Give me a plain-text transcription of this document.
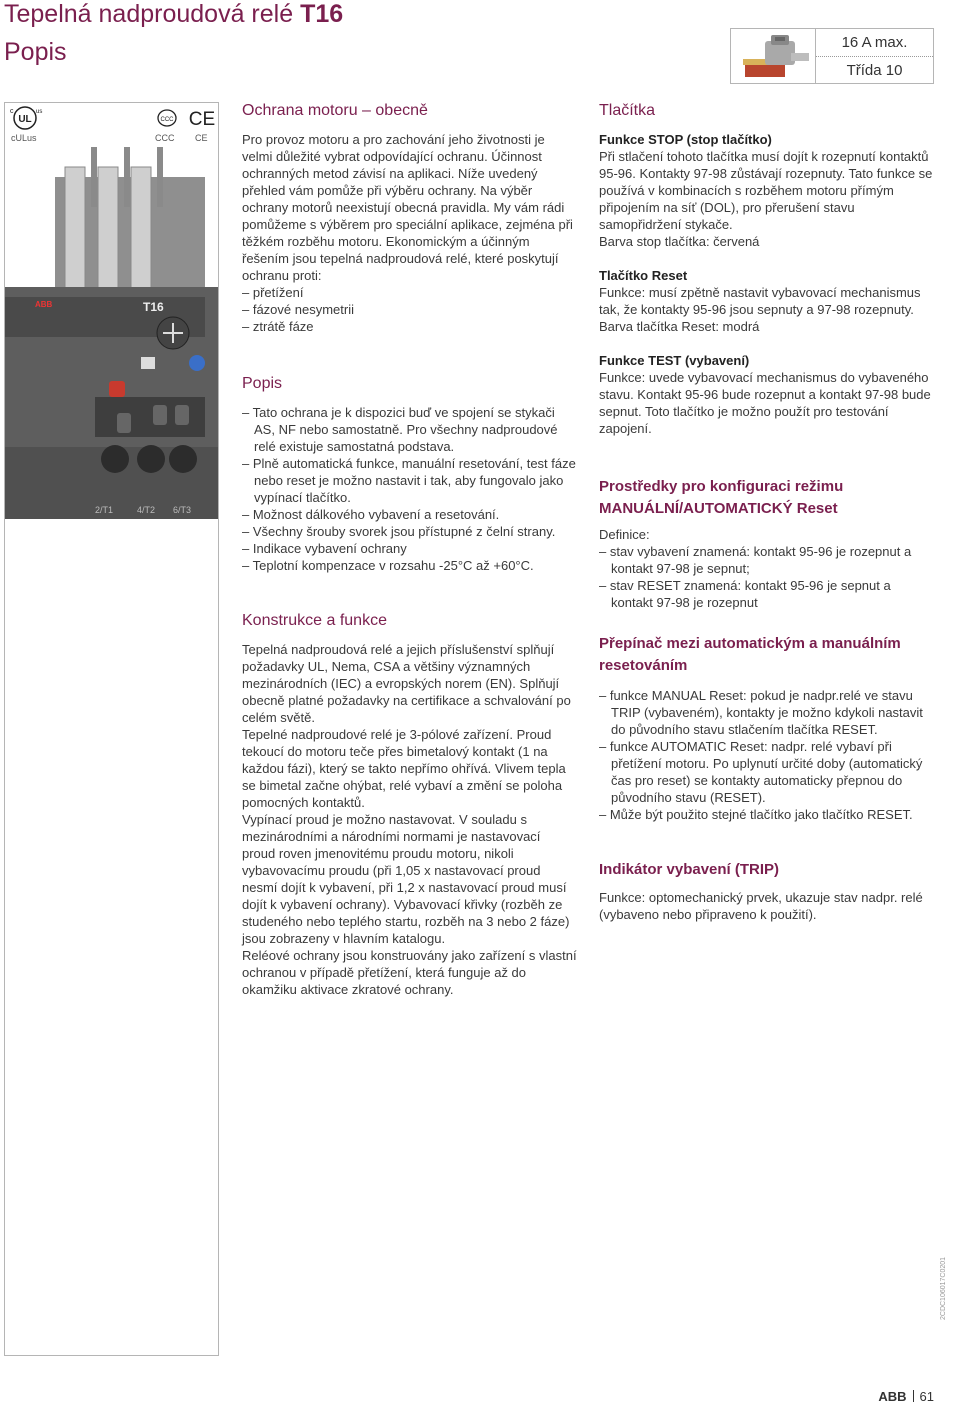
Tepelná nadproudová relé T16
Popis	16 A max.
Třída 10
UL
c	us
CCC CE
cULus	CCC CE
ABB	T16
2/T1	4/T2 6/T3
Ochrana motoru – obecně

Pro provoz motoru a pro zachování jeho životnosti je velmi důležité vybrat odpovídající ochranu. Účinnost ochranných metod závisí na aplikaci. Níže uvedený přehled vám pomůže při výběru ochrany. Na výběr ochrany motorů neexistují obecná pravidla. My vám rádi pomůžeme s výběrem pro speciální aplikace, zejména při těžkém rozběhu motoru. Ekonomickým a účinným řešením jsou tepelná nadproudová relé, které poskytují ochranu proti:

– přetížení
– fázové nesymetrii
– ztrátě fáze
Popis
– Tato ochrana je k dispozici buď ve spojení se stykači AS, NF nebo samostatně. Pro všechny nadproudové relé existuje samostatná podstava.
– Plně automatická funkce, manuální resetování, test fáze nebo reset je možno nastavit i tak, aby fungovalo jako vypínací tlačítko.
– Možnost dálkového vybavení a resetování.
– Všechny šrouby svorek jsou přístupné z čelní strany.
– Indikace vybavení ochrany
– Teplotní kompenzace v rozsahu -25°C až +60°C.
Konstrukce a funkce

Tepelná nadproudová relé a jejich příslušenství splňují požadavky UL, Nema, CSA a většiny významných mezinárodních (IEC) a evropských norem (EN). Splňují obecně platné požadavky na certifikace a schvalování po celém světě.

Tepelné nadproudové relé je 3-pólové zařízení. Proud tekoucí do motoru teče přes bimetalový kontakt (1 na každou fázi), který se takto nepřímo ohřívá. Vlivem tepla se bimetal začne ohýbat, relé vybaví a změní se poloha pomocných kontaktů.

Vypínací proud je možno nastavovat. V souladu s mezinárodními a národními normami je nastavovací proud roven jmenovitému proudu motoru, nikoli vybavovacímu proudu (při 1,05 x nastavovací proud nesmí dojít k vybavení, při 1,2 x nastavovací proud musí dojít k vybavení ochrany). Vybavovací křivky (rozběh ze studeného nebo teplého startu, rozběh na 3 nebo 2 fáze) jsou zobrazeny v hlavním katalogu.

Reléové ochrany jsou konstruovány jako zařízení s vlastní ochranou v případě přetížení, která funguje až do okamžiku aktivace zkratové ochrany.

Tlačítka

Funkce STOP (stop tlačítko)

Při stlačení tohoto tlačítka musí dojít k rozepnutí kontaktů 95-96. Kontakty 97-98 zůstávají rozepnuty. Tato funkce se používá v kombinacích s rozběhem motoru přímým připojením na síť (DOL), pro přerušení stavu samopřidržení stykače.

Barva stop tlačítka: červená

Tlačítko Reset

Funkce: musí zpětně nastavit vybavovací mechanismus tak, že kontakty 95-96 jsou sepnuty a 97-98 rozepnuty.

Barva tlačítka Reset: modrá

Funkce TEST (vybavení)

Funkce: uvede vybavovací mechanismus do vybaveného stavu. Kontakt 95-96 bude rozepnut a kontakt 97-98 bude sepnut. Toto tlačítko je možno použít pro testování zapojení.

Prostředky pro konfiguraci režimu

MANUÁLNÍ/AUTOMATICKÝ Reset

Definice:

– stav vybavení znamená: kontakt 95-96 je rozepnut a kontakt 97-98 je sepnut;
– stav RESET znamená: kontakt 95-96 je sepnut a kontakt 97-98 je rozepnut

Přepínač mezi automatickým a manuálním resetováním

– funkce MANUAL Reset: pokud je nadpr.relé ve stavu TRIP (vybaveném), kontakty je možno kdykoli nastavit do původního stavu stlačením tlačítka RESET.
– funkce AUTOMATIC Reset: nadpr. relé vybaví při přetížení motoru. Po uplynutí určité doby (automatický čas pro reset) se kontakty automaticky přepnou do původního stavu (RESET).
– Může být použito stejné tlačítko jako tlačítko RESET.

Indikátor vybavení (TRIP)

Funkce: optomechanický prvek, ukazuje stav nadpr. relé (vybaveno nebo připraveno k použití).

2CDC106017C0201
ABB 61
